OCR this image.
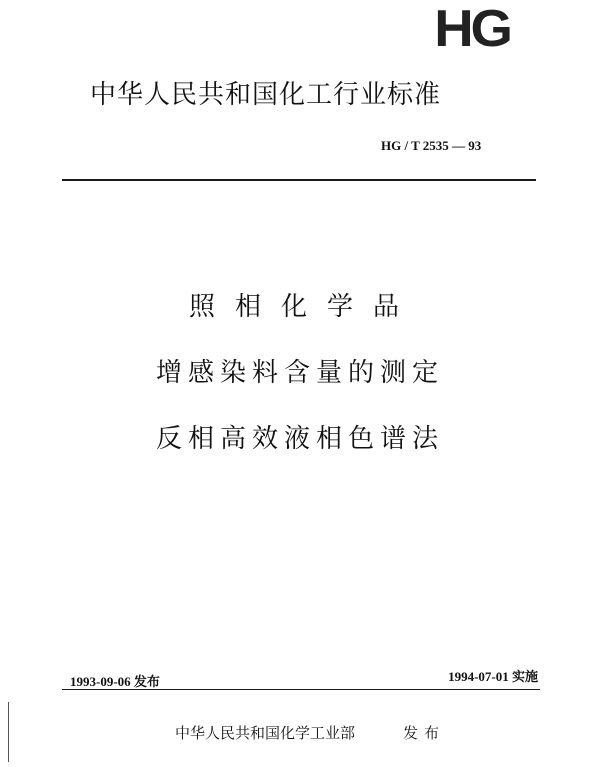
HG
中华人民共和国化工行业标准
HG / T 2535 — 93
照相化学品
增感染料含量的测定
反相高效液相色谱法
1993-09-06 发布	1994-07-01 实施
中华人民共和国化学工业部	发布
